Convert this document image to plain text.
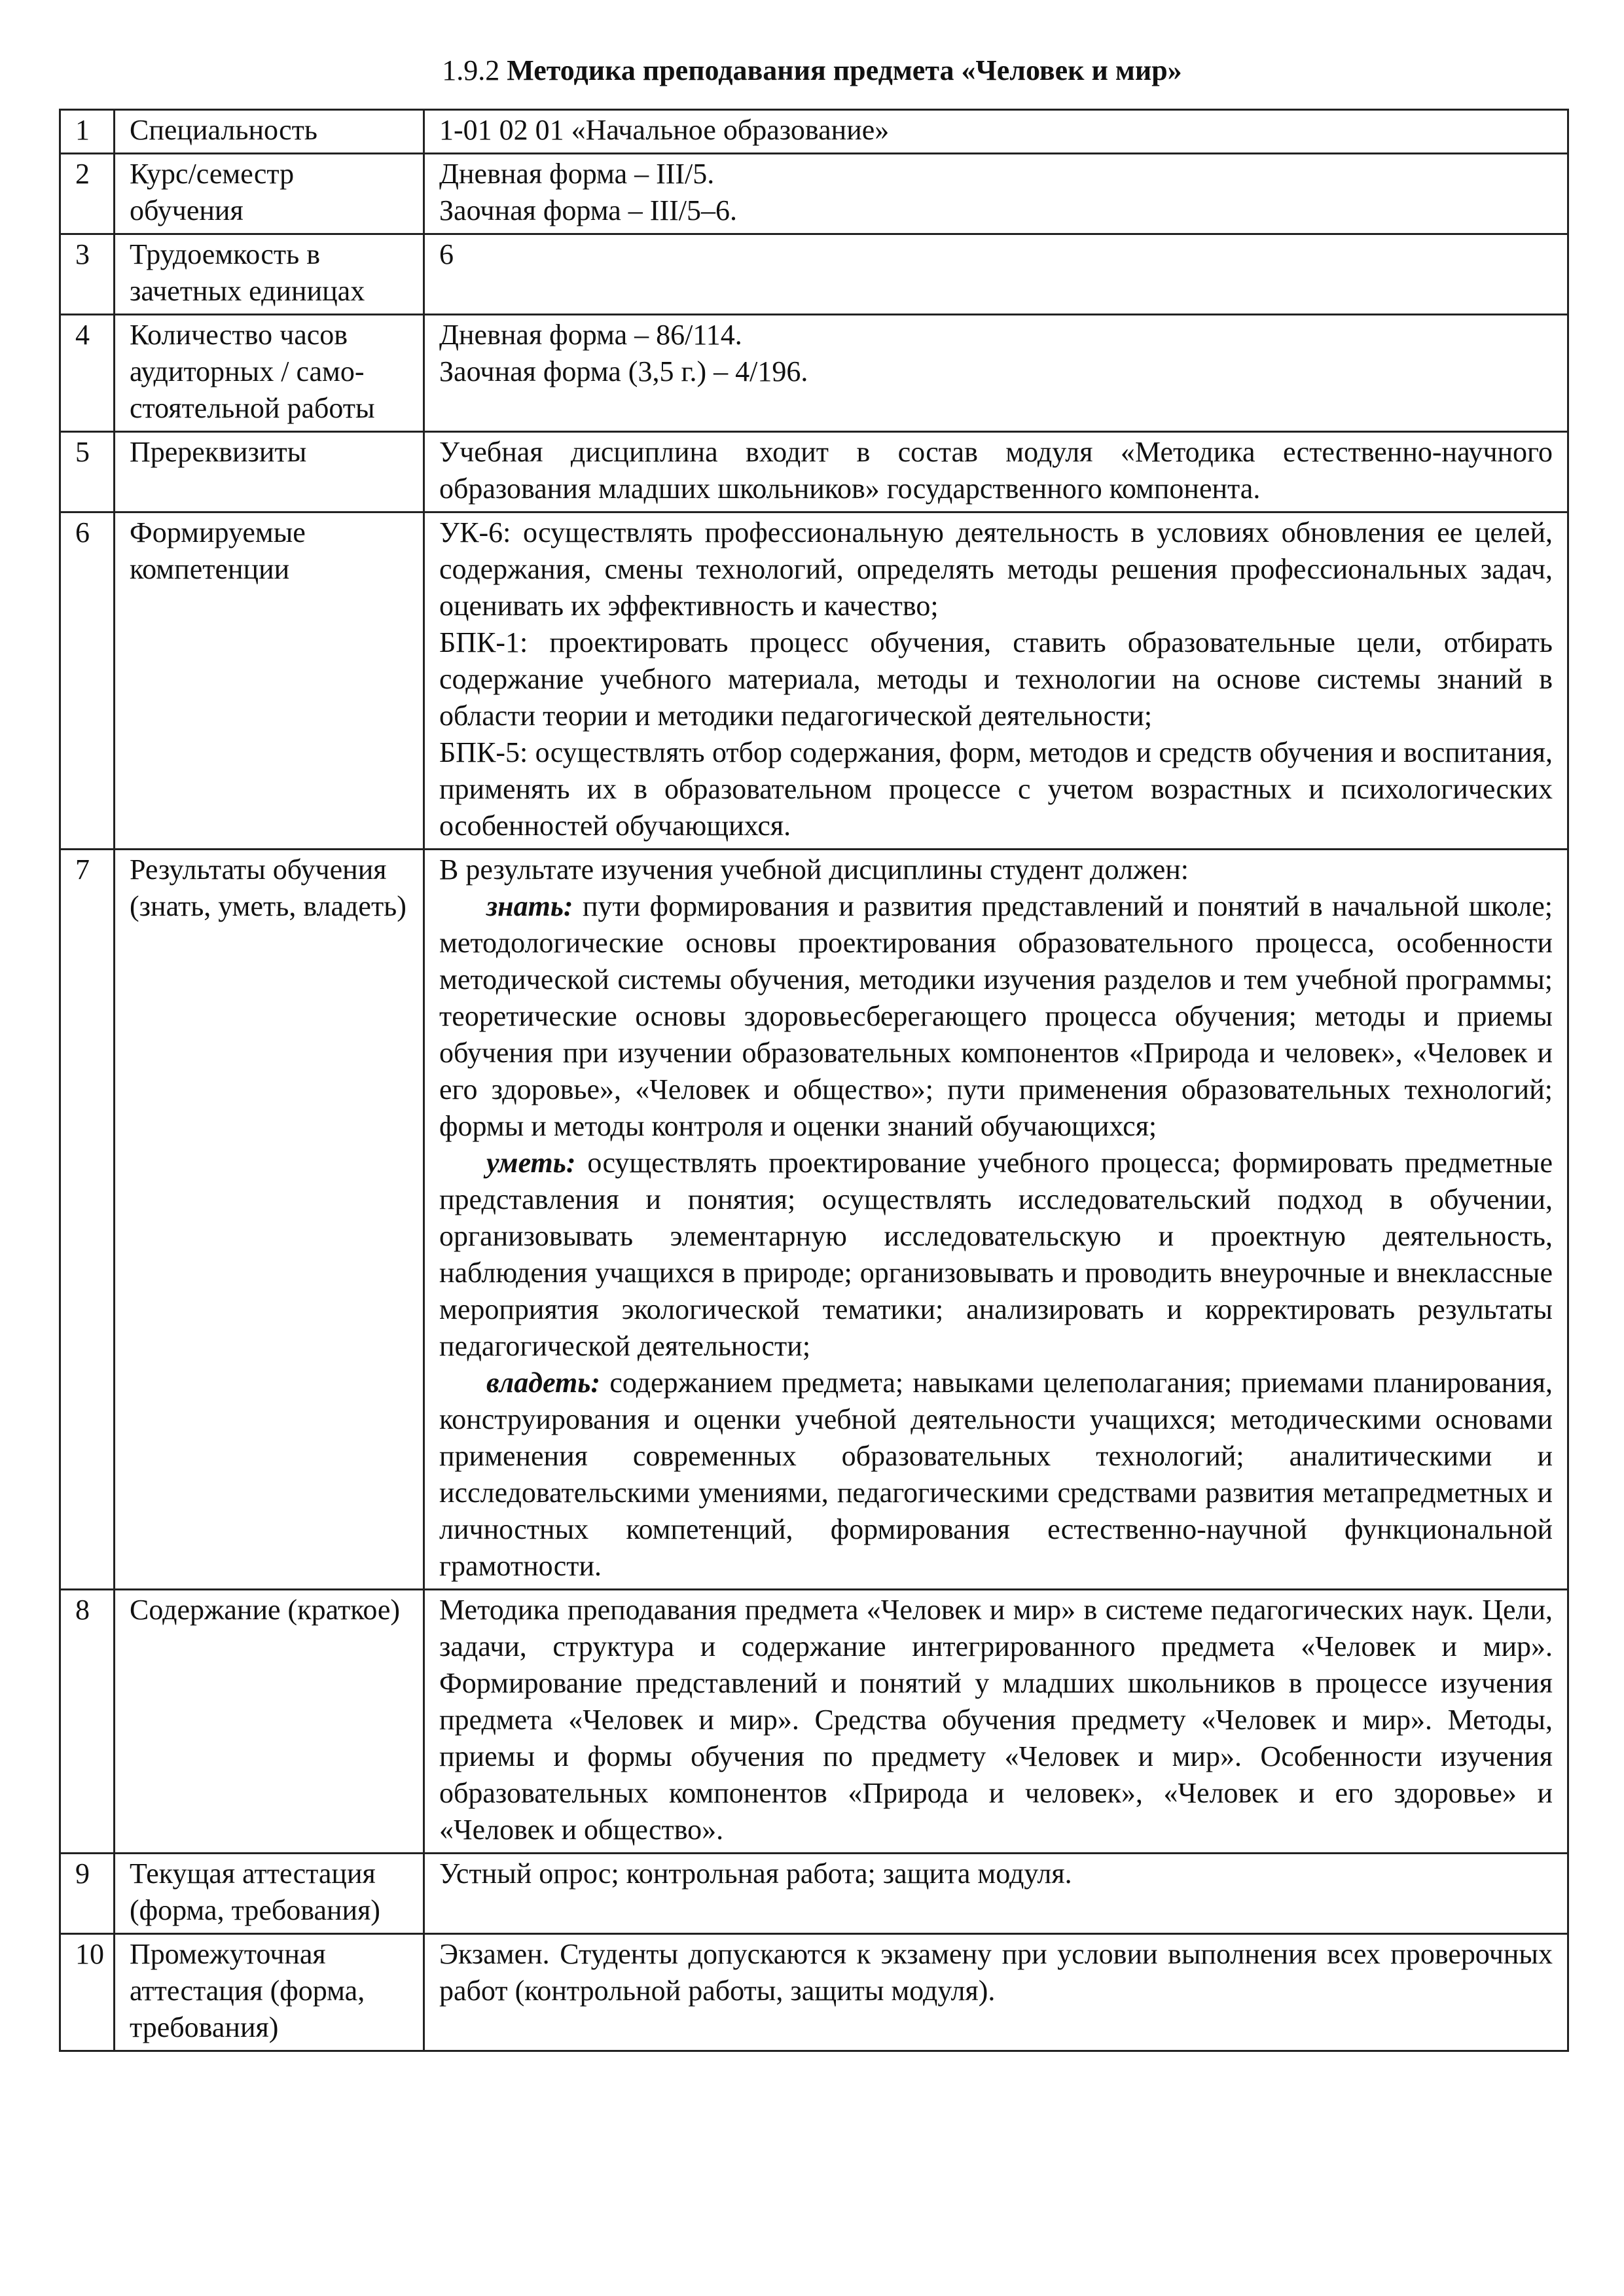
1.9.2 Методика преподавания предмета «Человек и мир»
1	Специальность	1-01 02 01 «Начальное образование»

2	Курс/семестр обучения	Дневная форма – III/5.
Заочная форма – III/5–6.

3	Трудоемкость в зачетных единицах	6

4	Количество часов аудиторных / само-стоятельной работы	Дневная форма – 86/114.
Заочная форма (3,5 г.) – 4/196.

5	Пререквизиты	Учебная дисциплина входит в состав модуля «Методика естественно-научного образования младших школьников» государственного компонента.

6	Формируемые компетенции	УК-6: осуществлять профессиональную деятельность в условиях обновления ее целей, содержания, смены технологий, определять методы решения профессиональных задач, оценивать их эффективность и качество;
БПК-1: проектировать процесс обучения, ставить образовательные цели, отбирать содержание учебного материала, методы и технологии на основе системы знаний в области теории и методики педагогической деятельности;
БПК-5: осуществлять отбор содержания, форм, методов и средств обучения и воспитания, применять их в образовательном процессе с учетом возрастных и психологических особенностей обучающихся.

7	Результаты обучения (знать, уметь, владеть)	В результате изучения учебной дисциплины студент должен:
знать: пути формирования и развития представлений и понятий в начальной школе; методологические основы проектирования образовательного процесса, особенности методической системы обучения, методики изучения разделов и тем учебной программы; теоретические основы здоровьесберегающего процесса обучения; методы и приемы обучения при изучении образовательных компонентов «Природа и человек», «Человек и его здоровье», «Человек и общество»; пути применения образовательных технологий; формы и методы контроля и оценки знаний обучающихся;
уметь: осуществлять проектирование учебного процесса; формировать предметные представления и понятия; осуществлять исследовательский подход в обучении, организовывать элементарную исследовательскую и проектную деятельность, наблюдения учащихся в природе; организовывать и проводить внеурочные и внеклассные мероприятия экологической тематики; анализировать и корректировать результаты педагогической деятельности;
владеть: содержанием предмета; навыками целеполагания; приемами планирования, конструирования и оценки учебной деятельности учащихся; методическими основами применения современных образовательных технологий; аналитическими и исследовательскими умениями, педагогическими средствами развития метапредметных и личностных компетенций, формирования естественно-научной функциональной грамотности.

8	Содержание (краткое)	Методика преподавания предмета «Человек и мир» в системе педагогических наук. Цели, задачи, структура и содержание интегрированного предмета «Человек и мир». Формирование представлений и понятий у младших школьников в процессе изучения предмета «Человек и мир». Средства обучения предмету «Человек и мир». Методы, приемы и формы обучения по предмету «Человек и мир». Особенности изучения образовательных компонентов «Природа и человек», «Человек и его здоровье» и «Человек и общество».

9	Текущая аттестация (форма, требования)	Устный опрос; контрольная работа; защита модуля.

10	Промежуточная аттестация (форма, требования)	Экзамен. Студенты допускаются к экзамену при условии выполнения всех проверочных работ (контрольной работы, защиты модуля).
